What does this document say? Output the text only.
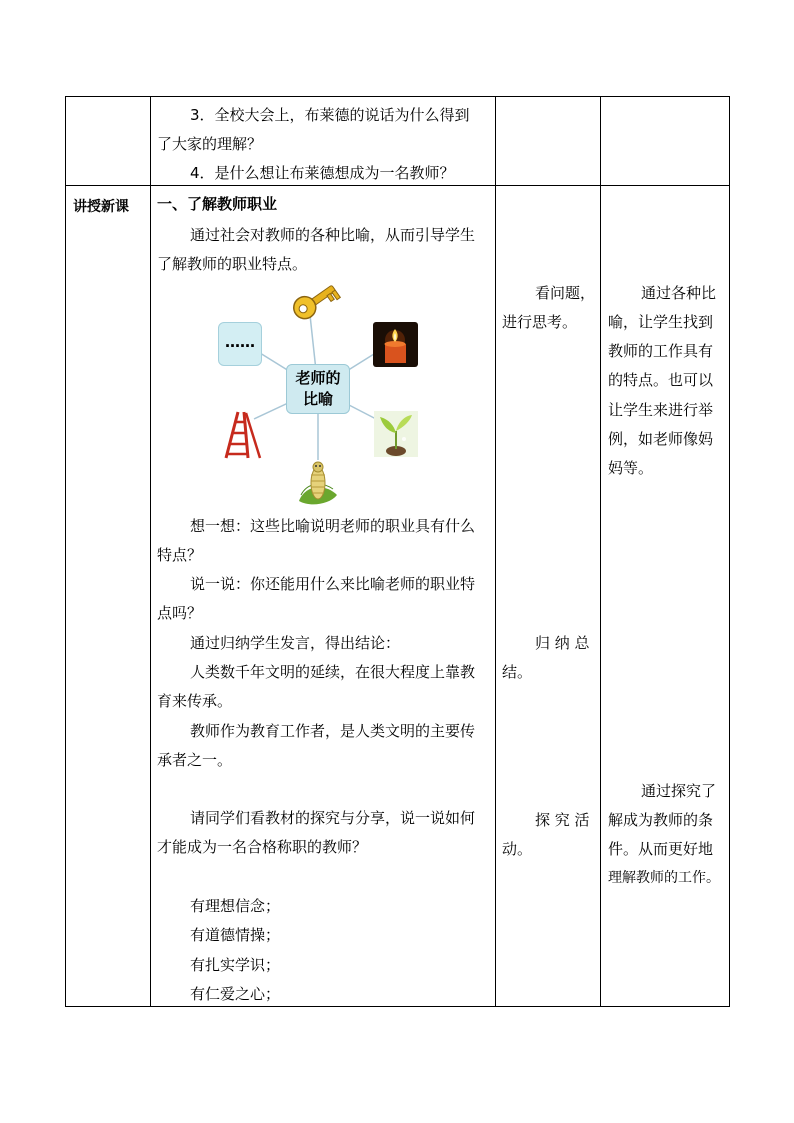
3．全校大会上，布莱德的说话为什么得到
了大家的理解？
4．是什么想让布莱德想成为一名教师？
讲授新课 一、了解教师职业
通过社会对教师的各种比喻，从而引导学生
了解教师的职业特点。
……
老师的
比喻
想一想：这些比喻说明老师的职业具有什么
特点？
说一说：你还能用什么来比喻老师的职业特
点吗？
通过归纳学生发言，得出结论：
人类数千年文明的延续，在很大程度上靠教
育来传承。
教师作为教育工作者，是人类文明的主要传
承者之一。
请同学们看教材的探究与分享，说一说如何
才能成为一名合格称职的教师？
有理想信念；
有道德情操；
有扎实学识；
有仁爱之心；
看问题，
进行思考。
归 纳 总
结。
探 究 活
动。
通过各种比
喻，让学生找到
教师的工作具有
的特点。也可以
让学生来进行举
例，如老师像妈
妈等。
通过探究了
解成为教师的条
件。从而更好地
理解教师的工作。
